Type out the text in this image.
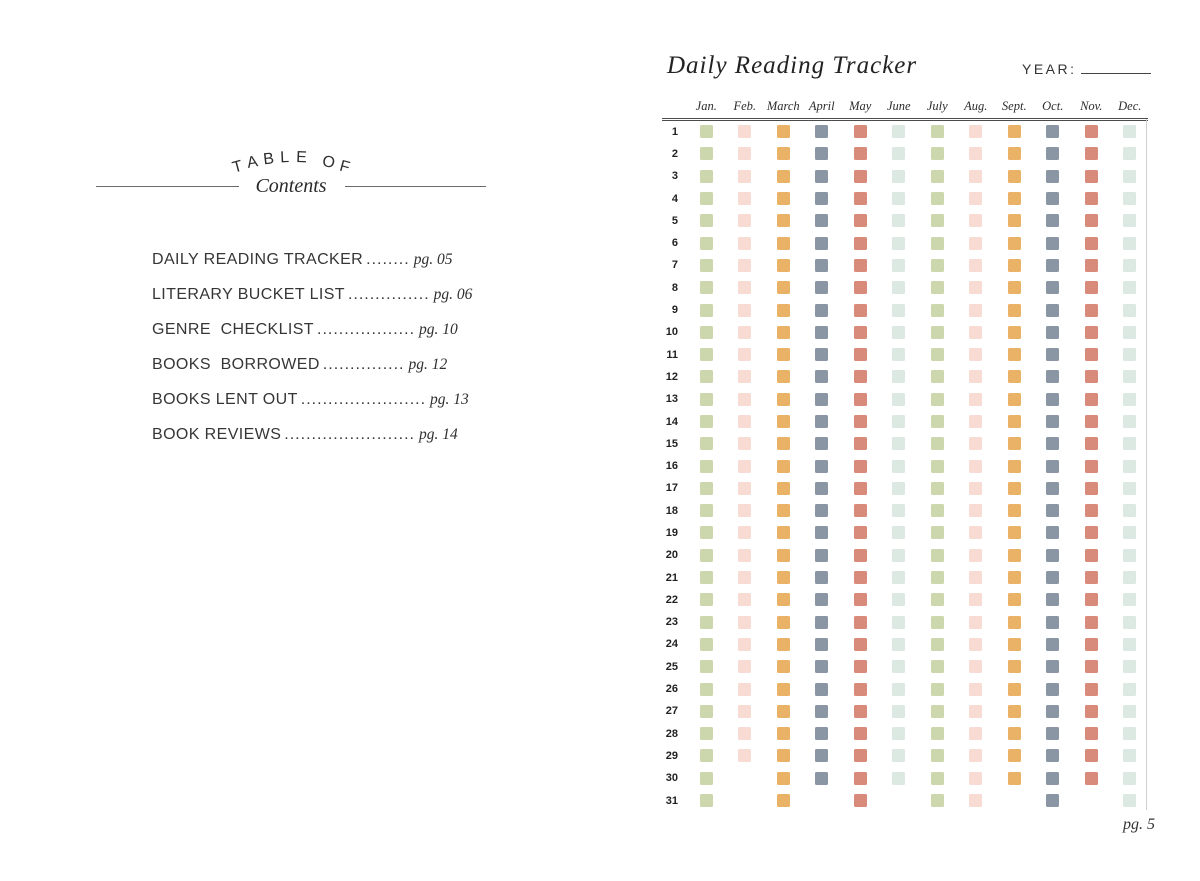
T A B L E
O F
Contents
DAILY READING TRACKER ........ pg. 05
LITERARY BUCKET LIST ............... pg. 06
GENRE  CHECKLIST .................. pg. 10
BOOKS  BORROWED ............... pg. 12
BOOKS LENT OUT ....................... pg. 13
BOOK REVIEWS ........................ pg. 14
Daily Reading Tracker	YEAR:
Jan.	Feb. March April	May	June	July	Aug.	Sept.	Oct.	Nov.	Dec.
1
2
3
4
5
6
7
8
9
10
11
12
13
14
15
16
17
18
19
20
21
22
23
24
25
26
27
28
29
30
31
pg. 5
